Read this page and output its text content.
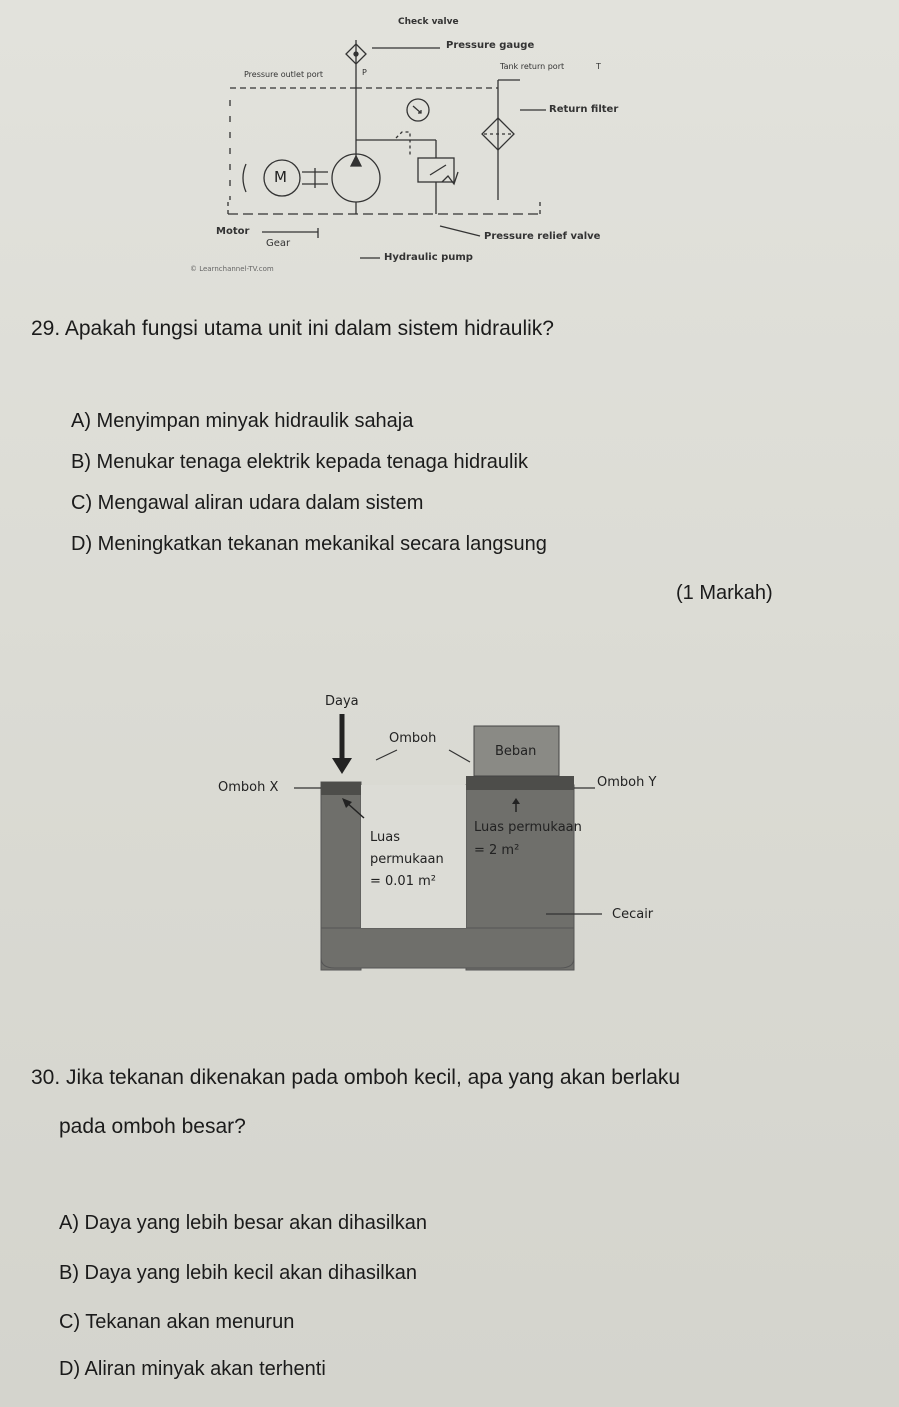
Check valve
Pressure gauge
Pressure outlet port	P
Tank return port	T
Return filter
M
Motor
Gear
Pressure relief valve
Hydraulic pump
© Learnchannel-TV.com
29. Apakah fungsi utama unit ini dalam sistem hidraulik?
A) Menyimpan minyak hidraulik sahaja
B) Menukar tenaga elektrik kepada tenaga hidraulik
C) Mengawal aliran udara dalam sistem
D) Meningkatkan tekanan mekanikal secara langsung
(1 Markah)
Daya
Omboh
Beban
Omboh X	Omboh Y
Luas
permukaan
= 0.01 m²
Luas permukaan
= 2 m²
Cecair
30. Jika tekanan dikenakan pada omboh kecil, apa yang akan berlaku
pada omboh besar?
A) Daya yang lebih besar akan dihasilkan
B) Daya yang lebih kecil akan dihasilkan
C) Tekanan akan menurun
D) Aliran minyak akan terhenti
